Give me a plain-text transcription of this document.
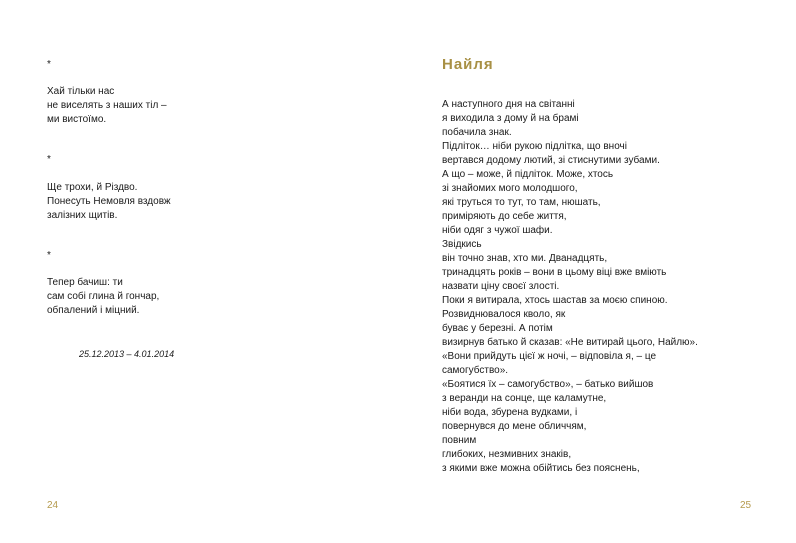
*
Хай тільки нас
не виселять з наших тіл –
ми вистоїмо.
*
Ще трохи, й Різдво.
Понесуть Немовля вздовж
залізних щитів.
*
Тепер бачиш: ти
сам собі глина й гончар,
обпалений і міцний.
25.12.2013 – 4.01.2014
24
Найля
А наступного дня на світанні
я виходила з дому й на брамі
побачила знак.
Підліток… ніби рукою підлітка, що вночі
вертався додому лютий, зі стиснутими зубами.
А що – може, й підліток. Може, хтось
зі знайомих мого молодшого,
які труться то тут, то там, нюшать,
приміряють до себе життя,
ніби одяг з чужої шафи.
Звідкись
він точно знав, хто ми. Дванадцять,
тринадцять років – вони в цьому віці вже вміють
назвати ціну своєї злості.
Поки я витирала, хтось шастав за моєю спиною.
Розвиднювалося кволо, як
буває у березні. А потім
визирнув батько й сказав: «Не витирай цього, Найлю».
«Вони прийдуть цієї ж ночі, – відповіла я, – це
самогубство».
«Боятися їх – самогубство», – батько вийшов
з веранди на сонце, ще каламутне,
ніби вода, збурена вудками, і
повернувся до мене обличчям,
повним
глибоких, незмивних знаків,
з якими вже можна обійтись без пояснень,
25
